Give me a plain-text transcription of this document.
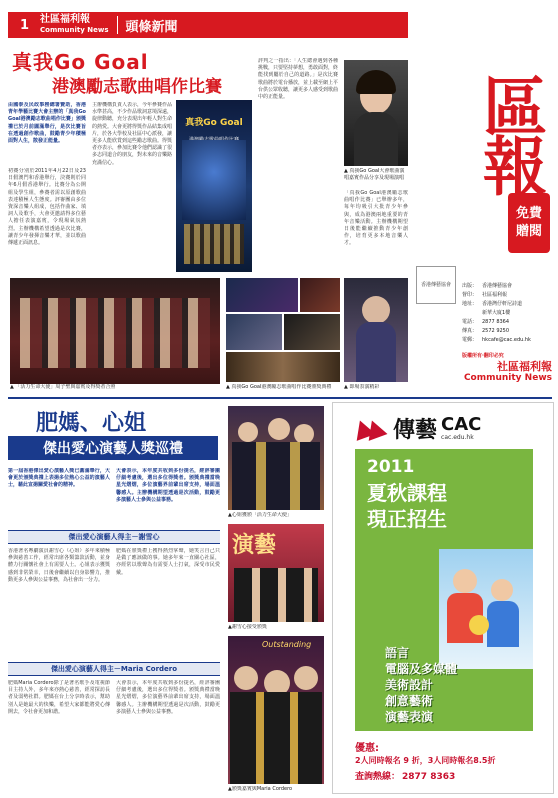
1	社區福利報
Community News 頭條新聞
區報
免費
贈閱
香港傳藝協會 出版： 香港傳藝協會
督印： 社區福利報
地址： 香港灣仔軒尼詩道
新華大廈1樓
電話： 2877 8364
傳真： 2572 9250
電郵： hkcafe@cac.edu.hk
版權所有‧翻印必究
社區福利報
Community News
真我Go Goal
港澳勵志歌曲唱作比賽
由國泰及民政事務總署贊助，香港青年學藝比賽大會主辦的「真我Go Goal港澳勵志歌曲唱作比賽」頒獎禮已於月前圓滿舉行，是次比賽旨在透過創作歌曲，鼓勵青少年積極面對人生，散發正能量。
初賽分別於2011年4月22日及23日假澳門和香港舉行，決賽則於同年6月假香港舉行。比賽分為公開組及學生組，參賽者需以原創歌曲表達積極人生態度。評審團由多位資深音樂人組成，包括作曲家、填詞人及歌手，大會更邀請得多位藝人擔任表演嘉賓，令現場氣氛熱烈。主辦機構希望透過是次比賽，讓青少年發揮音樂才華，並以歌曲傳遞正面訊息。
主辦機構負責人表示，今年參賽作品水準甚高，不少作品歌詞意境深遠，旋律動聽，充分表現出年輕人對生命的熱愛。大會更將得獎作品結集成唱片，於各大學校及社區中心派發，讓更多人能欣賞到這些勵志歌曲。得獎者亦表示，參加比賽令他們認識了很多志同道合的朋友，對未來的音樂路充滿信心。
真我Go Goal
評判之一指出：「人生總會遇到各種挑戰，只要堅持夢想，勇敢面對，終能找到屬於自己的道路。」是次比賽歌曲將於電台播放，並上載至網上平台供公眾收聽，讓更多人感受到歌曲中的正能量。
▲ 真我Go Goal大會歌曲演唱嘉賓作品分享及現場演唱
「真我Go Goal港澳勵志歌曲唱作比賽」已舉辦多年，每年均吸引大批青少年參與，成為港澳兩地重要的青年音樂活動。主辦機構期望日後能繼續推動青少年創作，培育更多本地音樂人才。
▲ 「活力生命大使」周子聖與嘉賓及得獎者合照	▲ 真我Go Goal港澳勵志歌曲唱作比賽頒獎典禮	▲ 即場表演精彩
肥媽、心姐
傑出愛心演藝人獎巡禮
第一屆香港傑出愛心演藝人獎已圓滿舉行，大會更於頒獎典禮上表揚多位熱心公益的演藝人士，藉此宣揚關愛社會的精神。
大會表示，本年度共收到多份提名，經評審團仔細考慮後，選出多位得獎者。頒獎典禮當晚星光熠熠，多位演藝界前輩出席支持，場面溫馨感人。主辦機構期望透過是次活動，鼓勵更多演藝人士參與公益事務。
傑出愛心演藝人得主－謝雪心
香港著名粵劇演員謝雪心（心姐）多年來積極參與慈善工作，經常出席各類籌款活動，並身體力行關懷社會上有需要人士。心姐表示獲獎感到非常榮幸，日後會繼續以自身影響力，推動更多人參與公益事務，為社會出一分力。
肥媽在頒獎禮上獲得熱烈掌聲，她笑言自己只是做了應該做的事。她多年來一直關心社區，亦經常以歌聲為有需要人士打氣，深受市民愛戴。
傑出愛心演藝人得主－Maria Cordero
肥媽Maria Cordero除了是著名歌手及電視節目主持人外，多年來亦熱心慈善，經常探訪長者及弱勢社群。肥媽在台上分享時表示，幫助別人是她最大的快樂，希望大家都能將愛心傳開去，令社會更加和諧。
大會表示，本年度共收到多份提名，經評審團仔細考慮後，選出多位得獎者。頒獎典禮當晚星光熠熠，多位演藝界前輩出席支持，場面溫馨感人。主辦機構期望透過是次活動，鼓勵更多演藝人士參與公益事務。
▲心姐獲頒「活力生命大使」
演藝
▲謝雪心接受頒獎
Outstanding
▲頒獎嘉賓與Maria Cordero
傳藝 CAC
cac.edu.hk
2011
夏秋課程
現正招生
語言
電腦及多媒體
美術設計
創意藝術
演藝表演
優惠:
2人同時報名 9 折，3人同時報名8.5折
查詢熱線： 2877 8363
